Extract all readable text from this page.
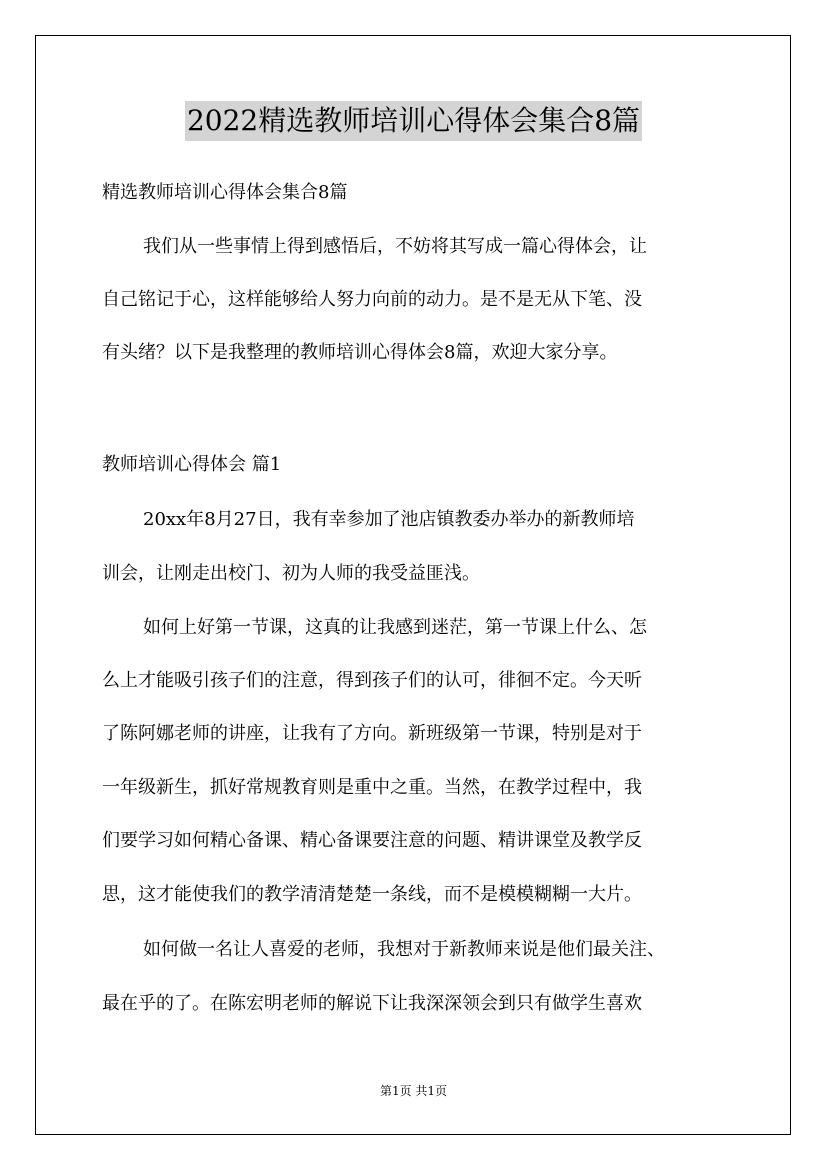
2022精选教师培训心得体会集合8篇
精选教师培训心得体会集合8篇
我们从一些事情上得到感悟后，不妨将其写成一篇心得体会，让
自己铭记于心，这样能够给人努力向前的动力。是不是无从下笔、没
有头绪？以下是我整理的教师培训心得体会8篇，欢迎大家分享。
教师培训心得体会 篇1
20xx年8月27日，我有幸参加了池店镇教委办举办的新教师培
训会，让刚走出校门、初为人师的我受益匪浅。
如何上好第一节课，这真的让我感到迷茫，第一节课上什么、怎
么上才能吸引孩子们的注意，得到孩子们的认可，徘徊不定。今天听
了陈阿娜老师的讲座，让我有了方向。新班级第一节课，特别是对于
一年级新生，抓好常规教育则是重中之重。当然，在教学过程中，我
们要学习如何精心备课、精心备课要注意的问题、精讲课堂及教学反
思，这才能使我们的教学清清楚楚一条线，而不是模模糊糊一大片。
如何做一名让人喜爱的老师，我想对于新教师来说是他们最关注、
最在乎的了。在陈宏明老师的解说下让我深深领会到只有做学生喜欢
第1页 共1页
